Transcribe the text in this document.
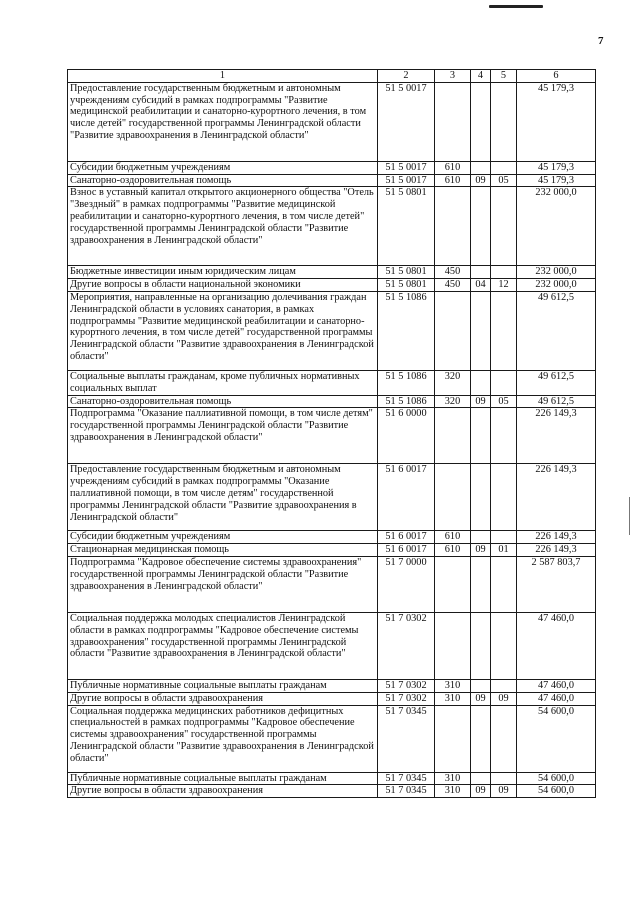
7
1	2	3	4	5	6
Предоставление государственным бюджетным и автономным учреждениям субсидий в рамках подпрограммы "Развитие медицинской реабилитации и санаторно-курортного лечения, в том числе детей" государственной программы Ленинградской области "Развитие здравоохранения в Ленинградской области"	51 5 0017				45 179,3
Субсидии бюджетным учреждениям	51 5 0017	610			45 179,3
Санаторно-оздоровительная помощь	51 5 0017	610	09	05	45 179,3
Взнос в уставный капитал открытого акционерного общества "Отель "Звездный" в рамках подпрограммы "Развитие медицинской реабилитации и санаторно-курортного лечения, в том числе детей" государственной программы Ленинградской области "Развитие здравоохранения в Ленинградской области"	51 5 0801				232 000,0
Бюджетные инвестиции иным юридическим лицам	51 5 0801	450			232 000,0
Другие вопросы в области национальной экономики	51 5 0801	450	04	12	232 000,0
Мероприятия, направленные на организацию долечивания граждан Ленинградской области в условиях санатория, в рамках подпрограммы "Развитие медицинской реабилитации и санаторно-курортного лечения, в том числе детей" государственной программы Ленинградской области "Развитие здравоохранения в Ленинградской области"	51 5 1086				49 612,5
Социальные выплаты гражданам, кроме публичных нормативных социальных выплат	51 5 1086	320			49 612,5
Санаторно-оздоровительная помощь	51 5 1086	320	09	05	49 612,5
Подпрограмма "Оказание паллиативной помощи, в том числе детям" государственной программы Ленинградской области "Развитие здравоохранения в Ленинградской области"	51 6 0000				226 149,3
Предоставление государственным бюджетным и автономным учреждениям субсидий в рамках подпрограммы "Оказание паллиативной помощи, в том числе детям" государственной программы Ленинградской области "Развитие здравоохранения в Ленинградской области"	51 6 0017				226 149,3
Субсидии бюджетным учреждениям	51 6 0017	610			226 149,3
Стационарная медицинская помощь	51 6 0017	610	09	01	226 149,3
Подпрограмма "Кадровое обеспечение системы здравоохранения" государственной программы Ленинградской области "Развитие здравоохранения в Ленинградской области"	51 7 0000				2 587 803,7
Социальная поддержка молодых специалистов Ленинградской области в рамках подпрограммы "Кадровое обеспечение системы здравоохранения" государственной программы Ленинградской области "Развитие здравоохранения в Ленинградской области"	51 7 0302				47 460,0
Публичные нормативные социальные выплаты гражданам	51 7 0302	310			47 460,0
Другие вопросы в области здравоохранения	51 7 0302	310	09	09	47 460,0
Социальная поддержка медицинских работников дефицитных специальностей в рамках подпрограммы "Кадровое обеспечение системы здравоохранения" государственной программы Ленинградской области "Развитие здравоохранения в Ленинградской области"	51 7 0345				54 600,0
Публичные нормативные социальные выплаты гражданам	51 7 0345	310			54 600,0
Другие вопросы в области здравоохранения	51 7 0345	310	09	09	54 600,0
